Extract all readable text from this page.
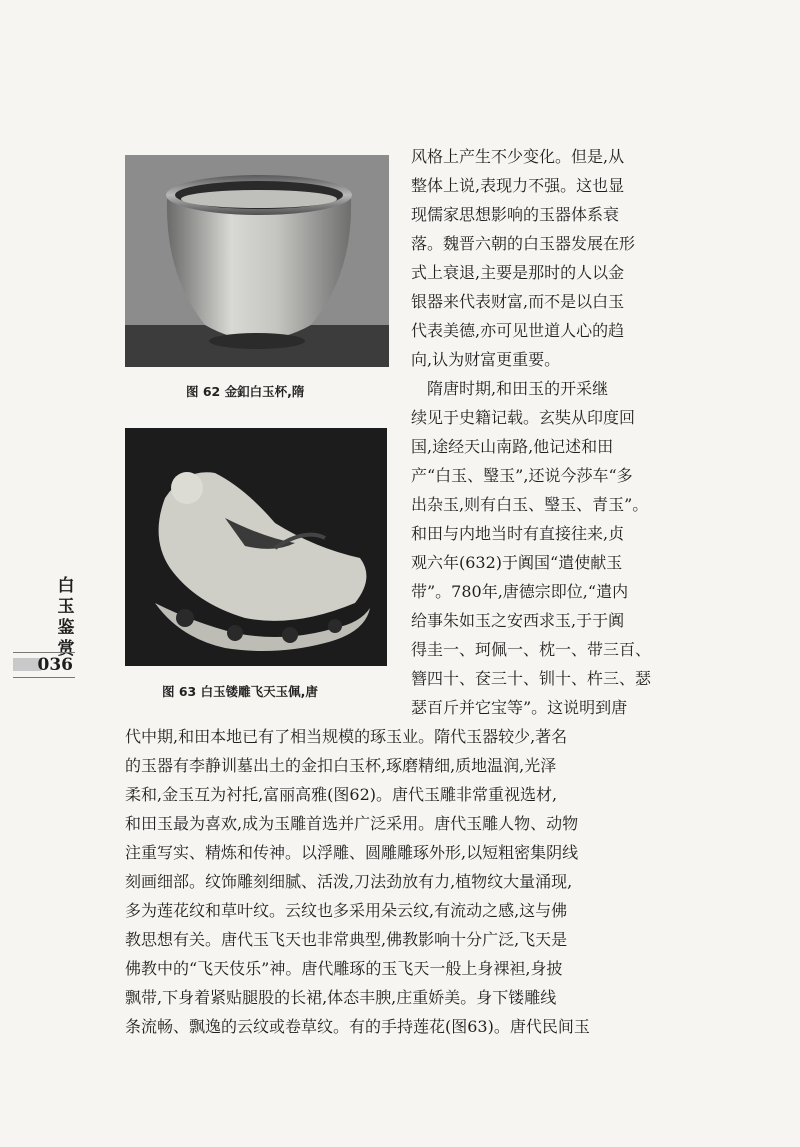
图 62 金釦白玉杯,隋
图 63 白玉镂雕飞天玉佩,唐
风格上产生不少变化。但是,从
整体上说,表现力不强。这也显
现儒家思想影响的玉器体系衰
落。魏晋六朝的白玉器发展在形
式上衰退,主要是那时的人以金
银器来代表财富,而不是以白玉
代表美德,亦可见世道人心的趋
向,认为财富更重要。
　隋唐时期,和田玉的开采继
续见于史籍记载。玄奘从印度回
国,途经天山南路,他记述和田
产“白玉、瑿玉”,还说今莎车“多
出杂玉,则有白玉、瑿玉、青玉”。
和田与内地当时有直接往来,贞
观六年(632)于阗国“遣使献玉
带”。780年,唐德宗即位,“遣内
给事朱如玉之安西求玉,于于阗
得圭一、珂佩一、枕一、带三百、
簪四十、奁三十、钏十、杵三、瑟
瑟百斤并它宝等”。这说明到唐
代中期,和田本地已有了相当规模的琢玉业。隋代玉器较少,著名
的玉器有李静训墓出土的金扣白玉杯,琢磨精细,质地温润,光泽
柔和,金玉互为衬托,富丽高雅(图62)。唐代玉雕非常重视选材,
和田玉最为喜欢,成为玉雕首选并广泛采用。唐代玉雕人物、动物
注重写实、精炼和传神。以浮雕、圆雕雕琢外形,以短粗密集阴线
刻画细部。纹饰雕刻细腻、活泼,刀法劲放有力,植物纹大量涌现,
多为莲花纹和草叶纹。云纹也多采用朵云纹,有流动之感,这与佛
教思想有关。唐代玉飞天也非常典型,佛教影响十分广泛,飞天是
佛教中的“飞天伎乐”神。唐代雕琢的玉飞天一般上身裸袒,身披
飘带,下身着紧贴腿股的长裙,体态丰腴,庄重娇美。身下镂雕线
条流畅、飘逸的云纹或卷草纹。有的手持莲花(图63)。唐代民间玉
白
玉
鉴
赏
036
